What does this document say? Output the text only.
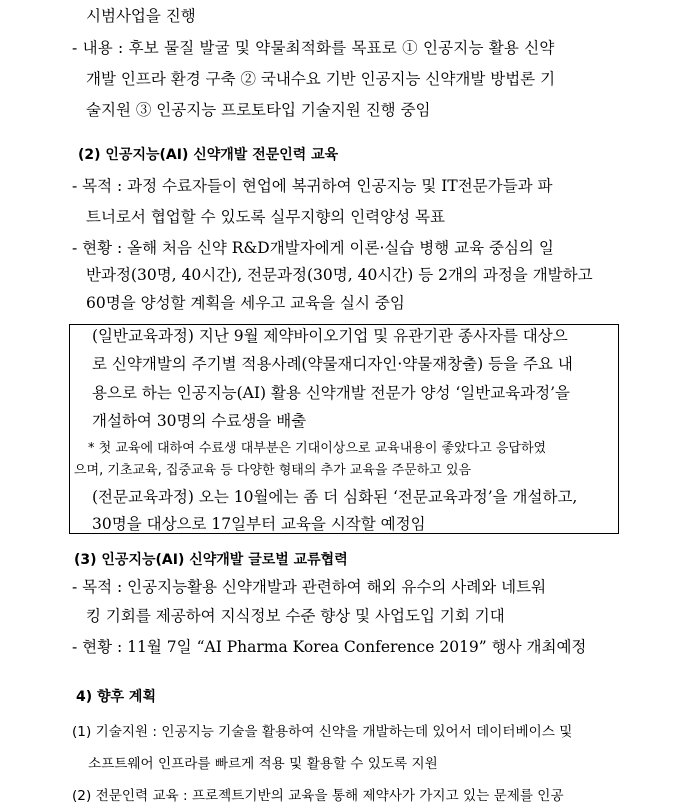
시범사업을 진행
- 내용 : 후보 물질 발굴 및 약물최적화를 목표로 ① 인공지능 활용 신약
개발 인프라 환경 구축 ② 국내수요 기반 인공지능 신약개발 방법론 기
술지원 ③ 인공지능 프로토타입 기술지원 진행 중임
(2) 인공지능(AI) 신약개발 전문인력 교육
- 목적 : 과정 수료자들이 현업에 복귀하여 인공지능 및 IT전문가들과 파
트너로서 협업할 수 있도록 실무지향의 인력양성 목표
- 현황 : 올해 처음 신약 R&D개발자에게 이론·실습 병행 교육 중심의 일
반과정(30명, 40시간), 전문과정(30명, 40시간) 등 2개의 과정을 개발하고
60명을 양성할 계획을 세우고 교육을 실시 중임
(일반교육과정) 지난 9월 제약바이오기업 및 유관기관 종사자를 대상으
로 신약개발의 주기별 적용사례(약물재디자인·약물재창출) 등을 주요 내
용으로 하는 인공지능(AI) 활용 신약개발 전문가 양성 ‘일반교육과정’을
개설하여 30명의 수료생을 배출
* 첫 교육에 대하여 수료생 대부분은 기대이상으로 교육내용이 좋았다고 응답하였
으며, 기초교육, 집중교육 등 다양한 형태의 추가 교육을 주문하고 있음
(전문교육과정) 오는 10월에는 좀 더 심화된 ‘전문교육과정’을 개설하고,
30명을 대상으로 17일부터 교육을 시작할 예정임
(3) 인공지능(AI) 신약개발 글로벌 교류협력
- 목적 : 인공지능활용 신약개발과 관련하여 해외 유수의 사례와 네트워
킹 기회를 제공하여 지식정보 수준 향상 및 사업도입 기회 기대
- 현황 : 11월 7일 “AI Pharma Korea Conference 2019” 행사 개최예정
4) 향후 계획
(1) 기술지원 : 인공지능 기술을 활용하여 신약을 개발하는데 있어서 데이터베이스 및
소프트웨어 인프라를 빠르게 적용 및 활용할 수 있도록 지원
(2) 전문인력 교육 : 프로젝트기반의 교육을 통해 제약사가 가지고 있는 문제를 인공
